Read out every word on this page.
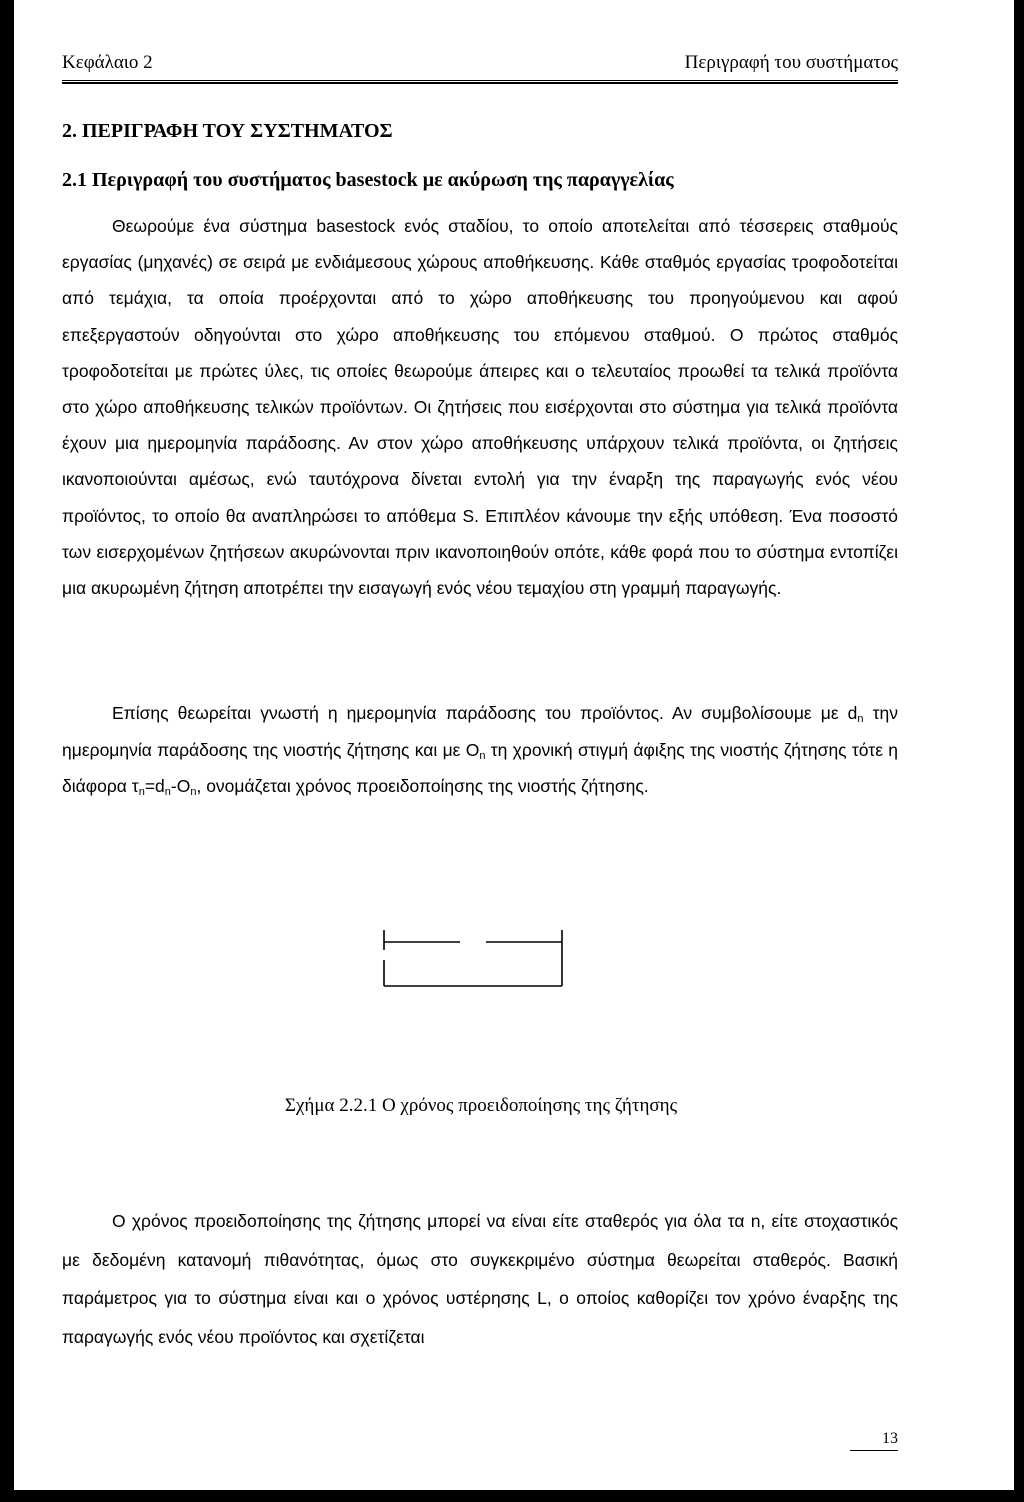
Κεφάλαιο 2	Περιγραφή του συστήματος
2. ΠΕΡΙΓΡΑΦΗ ΤΟΥ ΣΥΣΤΗΜΑΤΟΣ
2.1 Περιγραφή του συστήματος basestock με ακύρωση της παραγγελίας

Θεωρούμε ένα σύστημα basestock ενός σταδίου, το οποίο αποτελείται από τέσσερεις σταθμούς εργασίας (μηχανές) σε σειρά με ενδιάμεσους χώρους αποθήκευσης. Κάθε σταθμός εργασίας τροφοδοτείται από τεμάχια, τα οποία προέρχονται από το χώρο αποθήκευσης του προηγούμενου και αφού επεξεργαστούν οδηγούνται στο χώρο αποθήκευσης του επόμενου σταθμού. Ο πρώτος σταθμός τροφοδοτείται με πρώτες ύλες, τις οποίες θεωρούμε άπειρες και ο τελευταίος προωθεί τα τελικά προϊόντα στο χώρο αποθήκευσης τελικών προϊόντων. Οι ζητήσεις που εισέρχονται στο σύστημα για τελικά προϊόντα έχουν μια ημερομηνία παράδοσης. Αν στον χώρο αποθήκευσης υπάρχουν τελικά προϊόντα, οι ζητήσεις ικανοποιούνται αμέσως, ενώ ταυτόχρονα δίνεται εντολή για την έναρξη της παραγωγής ενός νέου προϊόντος, το οποίο θα αναπληρώσει το απόθεμα S. Επιπλέον κάνουμε την εξής υπόθεση. Ένα ποσοστό των εισερχομένων ζητήσεων ακυρώνονται πριν ικανοποιηθούν οπότε, κάθε φορά που το σύστημα εντοπίζει μια ακυρωμένη ζήτηση αποτρέπει την εισαγωγή ενός νέου τεμαχίου στη γραμμή παραγωγής.

Επίσης θεωρείται γνωστή η ημερομηνία παράδοσης του προϊόντος. Αν συμβολίσουμε με $d_n$ την ημερομηνία παράδοσης της νιοστής ζήτησης και με $O_n$ τη χρονική στιγμή άφιξης της νιοστής ζήτησης τότε η διάφορα $\tau_n=d_n-O_n$, ονομάζεται χρόνος προειδοποίησης της νιοστής ζήτησης.

Σχήμα 2.2.1 Ο χρόνος προειδοποίησης της ζήτησης

Ο χρόνος προειδοποίησης της ζήτησης μπορεί να είναι είτε σταθερός για όλα τα n, είτε στοχαστικός με δεδομένη κατανομή πιθανότητας, όμως στο συγκεκριμένο σύστημα θεωρείται σταθερός. Βασική παράμετρος για το σύστημα είναι και ο χρόνος υστέρησης L, ο οποίος καθορίζει τον χρόνο έναρξης της παραγωγής ενός νέου προϊόντος και σχετίζεται

13
